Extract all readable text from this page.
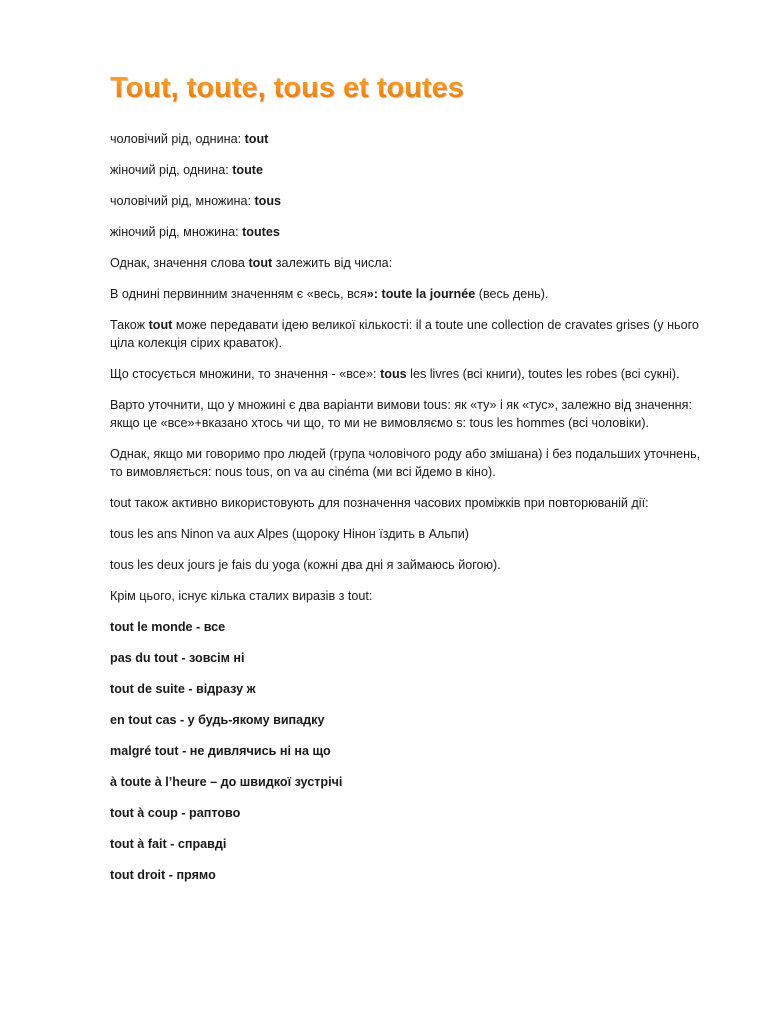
Tout, toute, tous et toutes

чоловічий рід, однина: tout

жіночий рід, однина: toute

чоловічий рід, множина: tous

жіночий рід, множина: toutes

Однак, значення слова tout залежить від числа:

В однині первинним значенням є «весь, вся»: toute la journée (весь день).

Також tout може передавати ідею великої кількості: il a toute une collection de cravates grises (у нього ціла колекція сірих краваток).

Що стосується множини, то значення - «все»: tous les livres (всі книги), toutes les robes (всі сукні).

Варто уточнити, що у множині є два варіанти вимови tous: як «ту» і як «тус», залежно від значення: якщо це «все»+вказано хтось чи що, то ми не вимовляємо s: tous les hommes (всі чоловіки).

Однак, якщо ми говоримо про людей (група чоловічого роду або змішана) і без подальших уточнень, то вимовляється: nous tous, on va au cinéma (ми всі йдемо в кіно).

tout також активно використовують для позначення часових проміжків при повторюваній дії:

tous les ans Ninon va aux Alpes (щороку Нінон їздить в Альпи)

tous les deux jours je fais du yoga (кожні два дні я займаюсь йогою).

Крім цього, існує кілька сталих виразів з tout:

tout le monde - все

pas du tout - зовсім ні

tout de suite - відразу ж

en tout cas - у будь-якому випадку

malgré tout - не дивлячись ні на що

à toute à l’heure – до швидкої зустрічі

tout à coup - раптово

tout à fait - справді

tout droit - прямо
